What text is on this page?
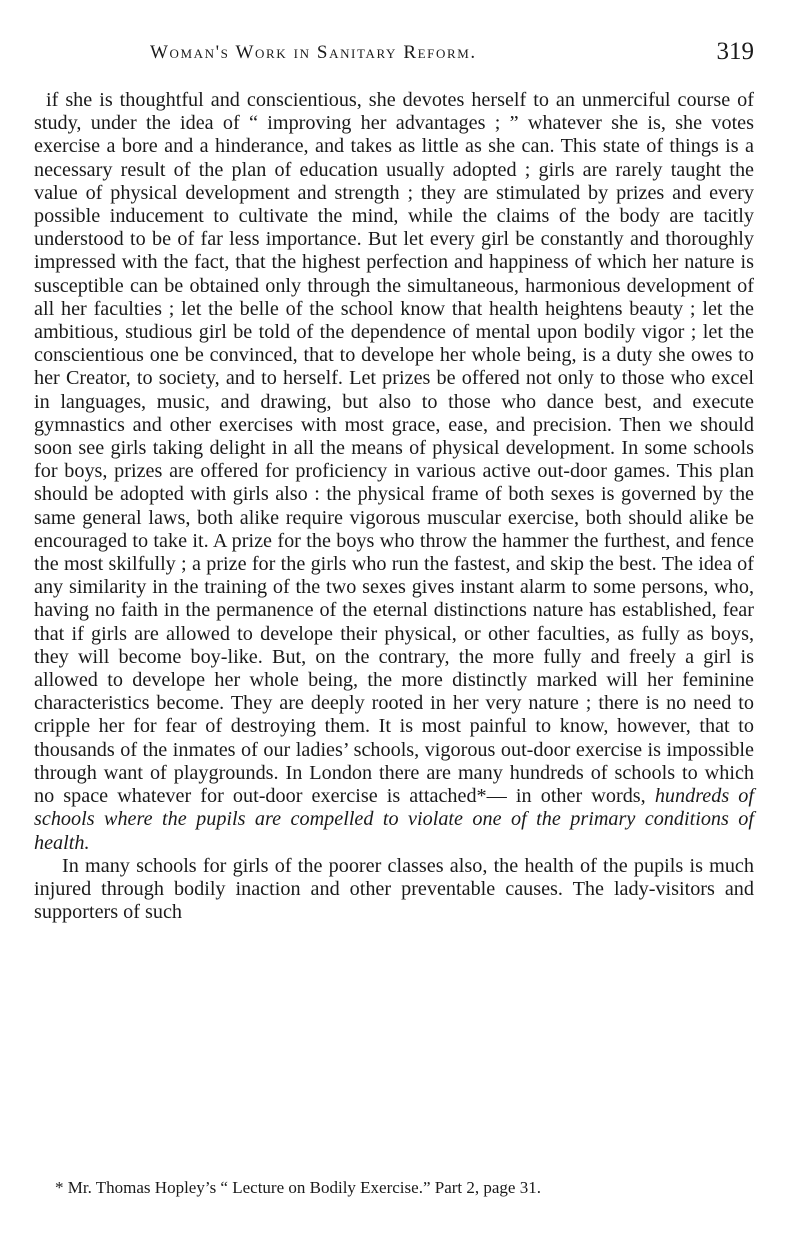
Woman's Work in Sanitary Reform.	319

if she is thoughtful and conscientious, she devotes herself to an unmerciful course of study, under the idea of “ improving her advantages ; ” whatever she is, she votes exercise a bore and a hinderance, and takes as little as she can. This state of things is a necessary result of the plan of education usually adopted ; girls are rarely taught the value of physical development and strength ; they are stimulated by prizes and every possible inducement to cultivate the mind, while the claims of the body are tacitly understood to be of far less importance. But let every girl be constantly and thoroughly impressed with the fact, that the highest perfection and happiness of which her nature is susceptible can be obtained only through the simultaneous, harmonious development of all her faculties ; let the belle of the school know that health heightens beauty ; let the ambitious, studious girl be told of the dependence of mental upon bodily vigor ; let the conscientious one be convinced, that to develope her whole being, is a duty she owes to her Creator, to society, and to herself. Let prizes be offered not only to those who excel in languages, music, and drawing, but also to those who dance best, and execute gymnastics and other exercises with most grace, ease, and precision. Then we should soon see girls taking delight in all the means of physical development. In some schools for boys, prizes are offered for proficiency in various active out-door games. This plan should be adopted with girls also : the physical frame of both sexes is governed by the same general laws, both alike require vigorous muscular exercise, both should alike be encouraged to take it. A prize for the boys who throw the hammer the furthest, and fence the most skilfully ; a prize for the girls who run the fastest, and skip the best. The idea of any similarity in the training of the two sexes gives instant alarm to some persons, who, having no faith in the permanence of the eternal distinctions nature has established, fear that if girls are allowed to develope their physical, or other faculties, as fully as boys, they will become boy-like. But, on the contrary, the more fully and freely a girl is allowed to develope her whole being, the more distinctly marked will her feminine characteristics become. They are deeply rooted in her very nature ; there is no need to cripple her for fear of destroying them. It is most painful to know, however, that to thousands of the inmates of our ladies’ schools, vigorous out-door exercise is impossible through want of playgrounds. In London there are many hundreds of schools to which no space whatever for out-door exercise is attached*— in other words, hundreds of schools where the pupils are compelled to violate one of the primary conditions of health.

In many schools for girls of the poorer classes also, the health of the pupils is much injured through bodily inaction and other preventable causes. The lady-visitors and supporters of such

* Mr. Thomas Hopley’s “ Lecture on Bodily Exercise.” Part 2, page 31.
